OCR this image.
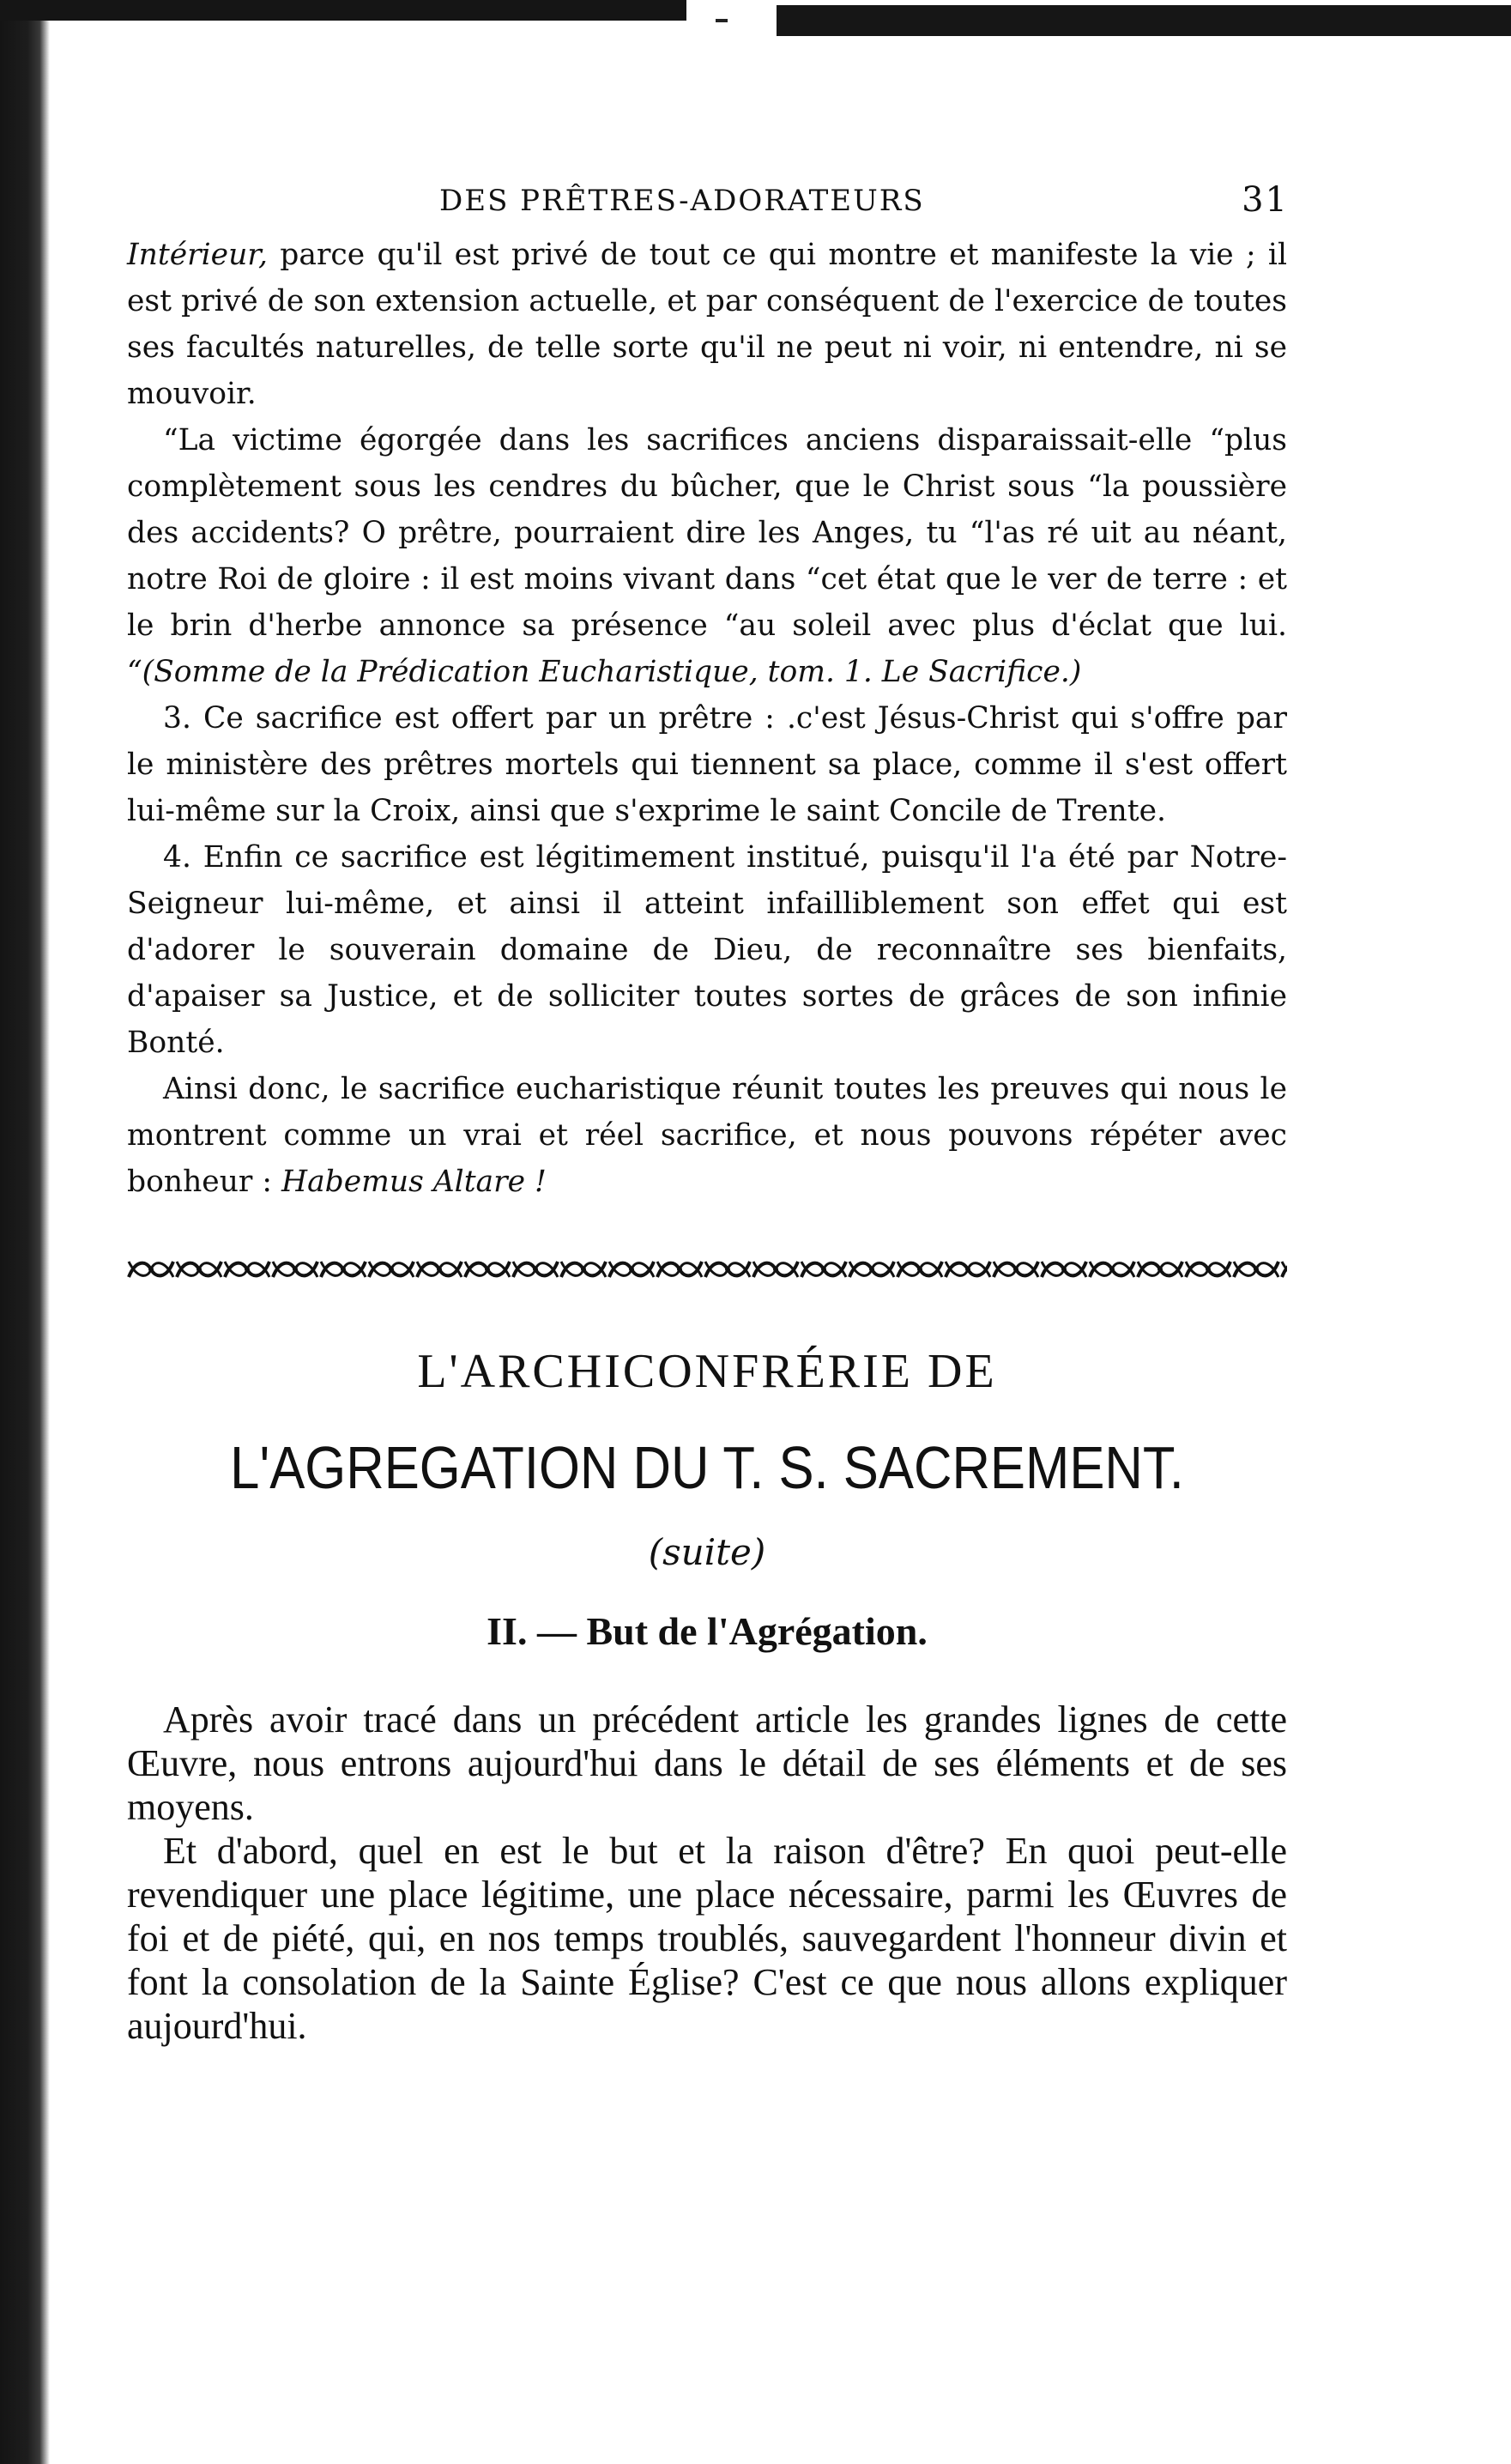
DES PRÊTRES-ADORATEURS	31

Intérieur, parce qu'il est privé de tout ce qui montre et manifeste la vie ; il est privé de son extension actuelle, et par conséquent de l'exercice de toutes ses facultés naturelles, de telle sorte qu'il ne peut ni voir, ni entendre, ni se mouvoir.

“La victime égorgée dans les sacrifices anciens disparaissait-elle “plus complètement sous les cendres du bûcher, que le Christ sous “la poussière des accidents? O prêtre, pourraient dire les Anges, tu “l'as ré uit au néant, notre Roi de gloire : il est moins vivant dans “cet état que le ver de terre : et le brin d'herbe annonce sa présence “au soleil avec plus d'éclat que lui. “(Somme de la Prédication Eucharistique, tom. 1. Le Sacrifice.)

3. Ce sacrifice est offert par un prêtre : .c'est Jésus-Christ qui s'offre par le ministère des prêtres mortels qui tiennent sa place, comme il s'est offert lui-même sur la Croix, ainsi que s'exprime le saint Concile de Trente.

4. Enfin ce sacrifice est légitimement institué, puisqu'il l'a été par Notre-Seigneur lui-même, et ainsi il atteint infailliblement son effet qui est d'adorer le souverain domaine de Dieu, de reconnaître ses bienfaits, d'apaiser sa Justice, et de solliciter toutes sortes de grâces de son infinie Bonté.

Ainsi donc, le sacrifice eucharistique réunit toutes les preuves qui nous le montrent comme un vrai et réel sacrifice, et nous pouvons répéter avec bonheur : Habemus Altare !

L'ARCHICONFRÉRIE DE
L'AGREGATION DU T. S. SACREMENT.
(suite)
II. — But de l'Agrégation.

Après avoir tracé dans un précédent article les grandes lignes de cette Œuvre, nous entrons aujourd'hui dans le détail de ses éléments et de ses moyens.

Et d'abord, quel en est le but et la raison d'être? En quoi peut-elle revendiquer une place légitime, une place nécessaire, parmi les Œuvres de foi et de piété, qui, en nos temps troublés, sauvegardent l'honneur divin et font la consolation de la Sainte Église? C'est ce que nous allons expliquer aujourd'hui.
